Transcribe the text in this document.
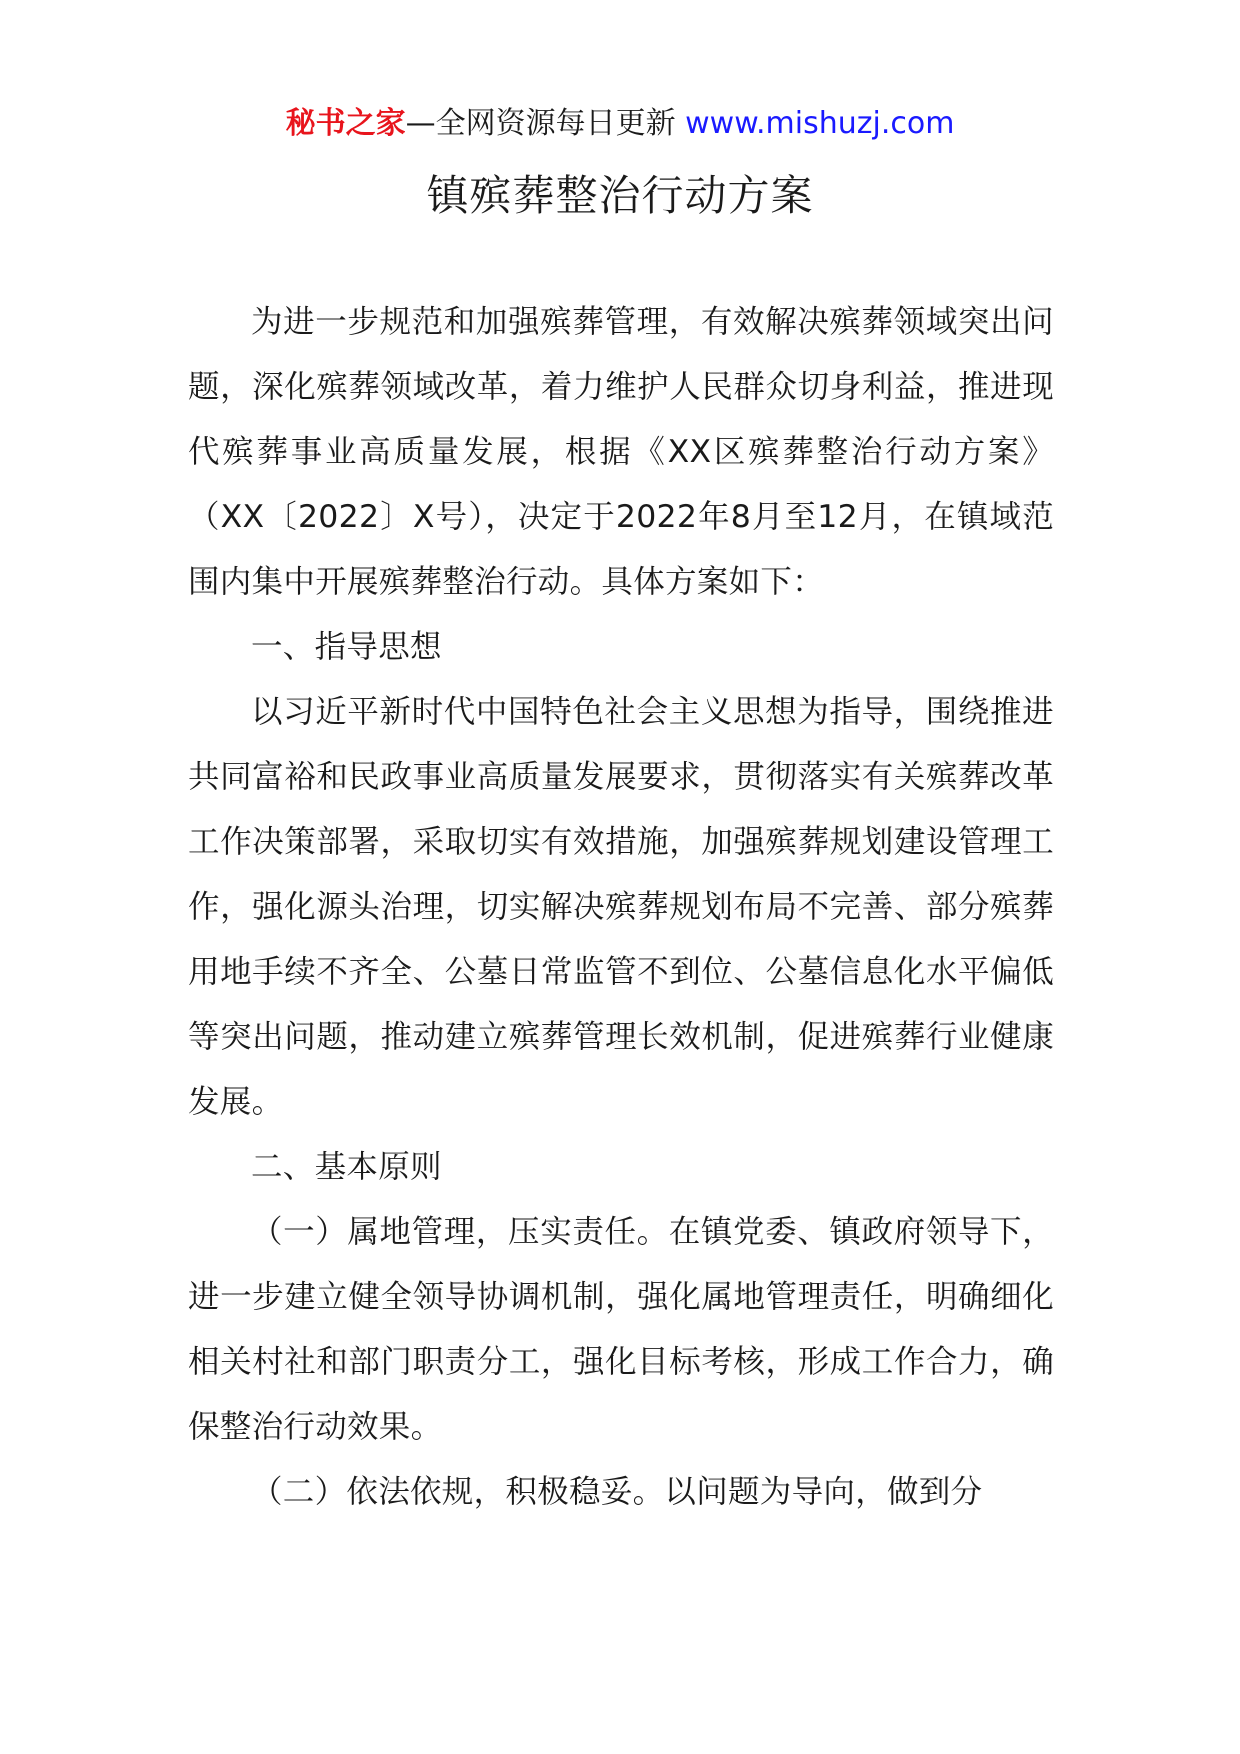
秘书之家—全网资源每日更新 www.mishuzj.com
镇殡葬整治行动方案

为进一步规范和加强殡葬管理，有效解决殡葬领域突出问题，深化殡葬领域改革，着力维护人民群众切身利益，推进现代殡葬事业高质量发展，根据《XX区殡葬整治行动方案》（XX〔2022〕X号），决定于2022年8月至12月，在镇域范围内集中开展殡葬整治行动。具体方案如下：

一、指导思想

以习近平新时代中国特色社会主义思想为指导，围绕推进共同富裕和民政事业高质量发展要求，贯彻落实有关殡葬改革工作决策部署，采取切实有效措施，加强殡葬规划建设管理工作，强化源头治理，切实解决殡葬规划布局不完善、部分殡葬用地手续不齐全、公墓日常监管不到位、公墓信息化水平偏低等突出问题，推动建立殡葬管理长效机制，促进殡葬行业健康发展。

二、基本原则

（一）属地管理，压实责任。在镇党委、镇政府领导下，进一步建立健全领导协调机制，强化属地管理责任，明确细化相关村社和部门职责分工，强化目标考核，形成工作合力，确保整治行动效果。

（二）依法依规，积极稳妥。以问题为导向，做到分
